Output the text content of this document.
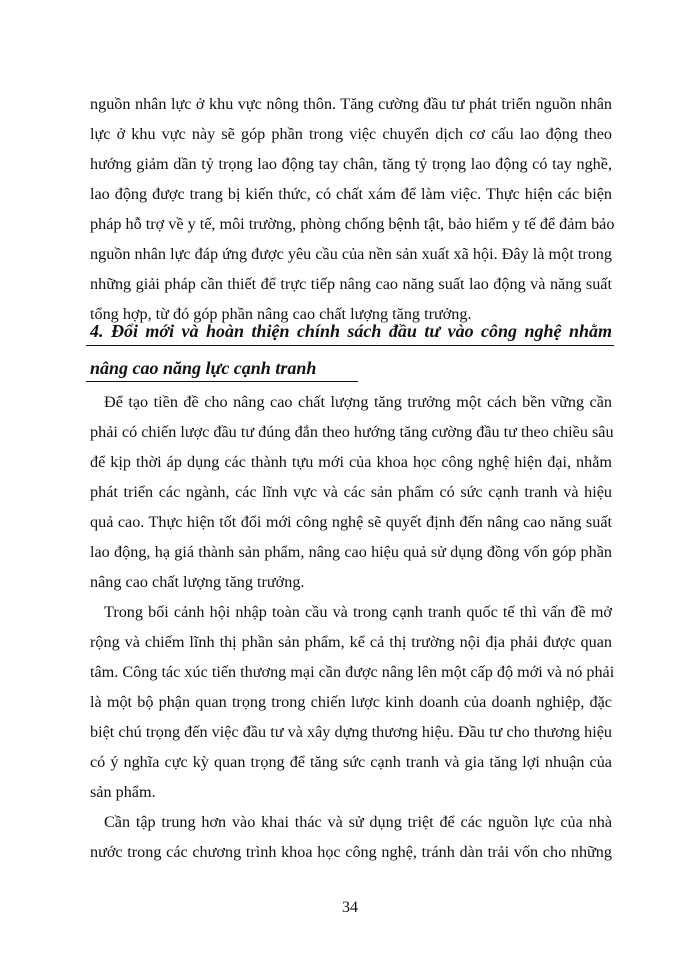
nguồn nhân lực ở khu vực nông thôn. Tăng cường đầu tư phát triển nguồn nhân
lực ở khu vực này sẽ góp phần trong việc chuyển dịch cơ cấu lao động theo
hướng giảm dần tỷ trọng lao động tay chân, tăng tỷ trọng lao động có tay nghề,
lao động được trang bị kiến thức, có chất xám để làm việc. Thực hiện các biện
pháp hỗ trợ về y tế, môi trường, phòng chống bệnh tật, bảo hiểm y tế để đảm bảo
nguồn nhân lực đáp ứng được yêu cầu của nền sản xuất xã hội. Đây là một trong
những giải pháp cần thiết để trực tiếp nâng cao năng suất lao động và năng suất
tổng hợp, từ đó góp phần nâng cao chất lượng tăng trưởng.
4. Đổi mới và hoàn thiện chính sách đầu tư vào công nghệ nhằm
nâng cao năng lực cạnh tranh
Để tạo tiền đề cho nâng cao chất lượng tăng trưởng một cách bền vững cần
phải có chiến lược đầu tư đúng đắn theo hướng tăng cường đầu tư theo chiều sâu
để kịp thời áp dụng các thành tựu mới của khoa học công nghệ hiện đại, nhằm
phát triển các ngành, các lĩnh vực và các sản phẩm có sức cạnh tranh và hiệu
quả cao. Thực hiện tốt đổi mới công nghệ sẽ quyết định đến nâng cao năng suất
lao động, hạ giá thành sản phẩm, nâng cao hiệu quả sử dụng đồng vốn góp phần
nâng cao chất lượng tăng trưởng.
Trong bối cảnh hội nhập toàn cầu và trong cạnh tranh quốc tế thì vấn đề mở
rộng và chiếm lĩnh thị phần sản phẩm, kể cả thị trường nội địa phải được quan
tâm. Công tác xúc tiến thương mại cần được nâng lên một cấp độ mới và nó phải
là một bộ phận quan trọng trong chiến lược kinh doanh của doanh nghiệp, đặc
biệt chú trọng đến việc đầu tư và xây dựng thương hiệu. Đầu tư cho thương hiệu
có ý nghĩa cực kỳ quan trọng để tăng sức cạnh tranh và gia tăng lợi nhuận của
sản phẩm.
Cần tập trung hơn vào khai thác và sử dụng triệt để các nguồn lực của nhà
nước trong các chương trình khoa học công nghệ, tránh dàn trải vốn cho những
34
